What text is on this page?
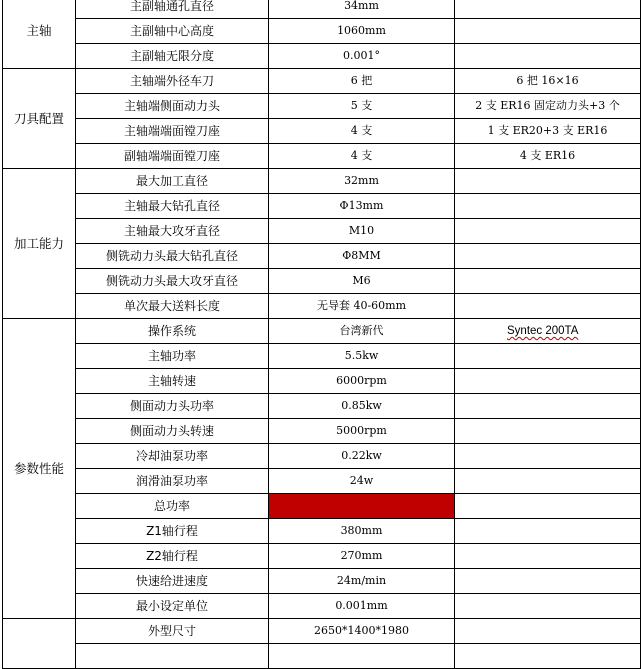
主轴	主副轴通孔直径	34mm	
	主副轴中心高度	1060mm	
	主副轴无限分度	0.001°	
刀具配置	主轴端外径车刀	6 把	6 把 16×16
	主轴端侧面动力头	5 支	2 支 ER16 固定动力头+3 个
	主轴端端面镗刀座	4 支	1 支 ER20+3 支 ER16
	副轴端端面镗刀座	4 支	4 支 ER16
加工能力	最大加工直径	32mm	
	主轴最大钻孔直径	Φ13mm	
	主轴最大攻牙直径	M10	
	侧铣动力头最大钻孔直径	Φ8MM	
	侧铣动力头最大攻牙直径	M6	
	单次最大送料长度	无导套 40-60mm	
参数性能	操作系统	台湾新代	Syntec 200TA
	主轴功率	5.5kw	
	主轴转速	6000rpm	
	侧面动力头功率	0.85kw	
	侧面动力头转速	5000rpm	
	冷却油泵功率	0.22kw	
	润滑油泵功率	24w	
	总功率		
	Z1轴行程	380mm	
	Z2轴行程	270mm	
	快速给进速度	24m/min	
	最小设定单位	0.001mm	
	外型尺寸	2650*1400*1980	
